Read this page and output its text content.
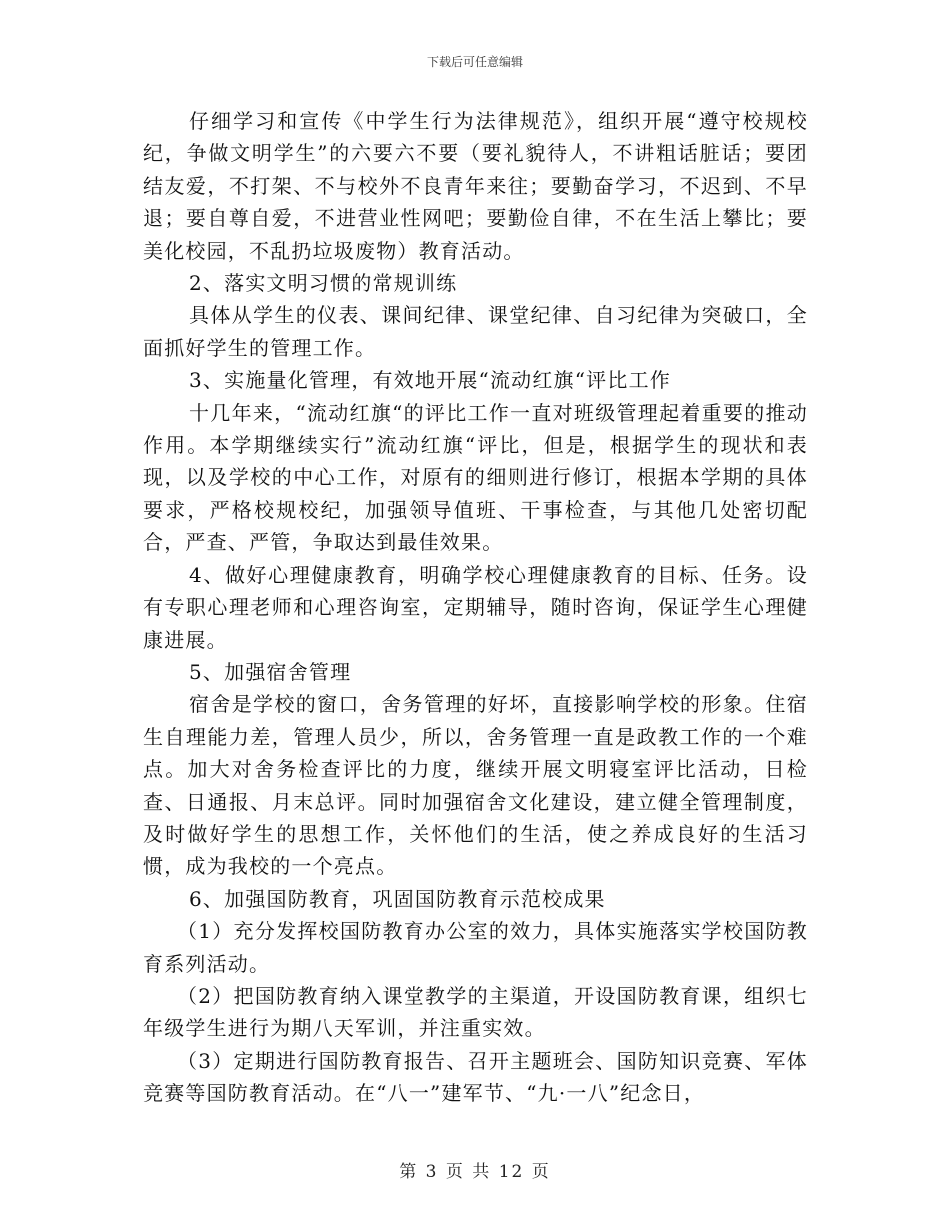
下载后可任意编辑

仔细学习和宣传《中学生行为法律规范》，组织开展“遵守校规校纪，争做文明学生”的六要六不要（要礼貌待人，不讲粗话脏话；要团结友爱，不打架、不与校外不良青年来往；要勤奋学习，不迟到、不早退；要自尊自爱，不进营业性网吧；要勤俭自律，不在生活上攀比；要美化校园，不乱扔垃圾废物）教育活动。

2、落实文明习惯的常规训练

具体从学生的仪表、课间纪律、课堂纪律、自习纪律为突破口，全面抓好学生的管理工作。

3、实施量化管理，有效地开展“流动红旗“评比工作

十几年来，“流动红旗“的评比工作一直对班级管理起着重要的推动作用。本学期继续实行”流动红旗“评比，但是，根据学生的现状和表现，以及学校的中心工作，对原有的细则进行修订，根据本学期的具体要求，严格校规校纪，加强领导值班、干事检查，与其他几处密切配合，严查、严管，争取达到最佳效果。

4、做好心理健康教育，明确学校心理健康教育的目标、任务。设有专职心理老师和心理咨询室，定期辅导，随时咨询，保证学生心理健康进展。

5、加强宿舍管理

宿舍是学校的窗口，舍务管理的好坏，直接影响学校的形象。住宿生自理能力差，管理人员少，所以，舍务管理一直是政教工作的一个难点。加大对舍务检查评比的力度，继续开展文明寝室评比活动，日检查、日通报、月末总评。同时加强宿舍文化建设，建立健全管理制度，及时做好学生的思想工作，关怀他们的生活，使之养成良好的生活习惯，成为我校的一个亮点。

6、加强国防教育，巩固国防教育示范校成果

（1）充分发挥校国防教育办公室的效力，具体实施落实学校国防教育系列活动。

（2）把国防教育纳入课堂教学的主渠道，开设国防教育课，组织七年级学生进行为期八天军训，并注重实效。

（3）定期进行国防教育报告、召开主题班会、国防知识竞赛、军体竞赛等国防教育活动。在“八一”建军节、“九·一八”纪念日，

第 3 页 共 12 页
